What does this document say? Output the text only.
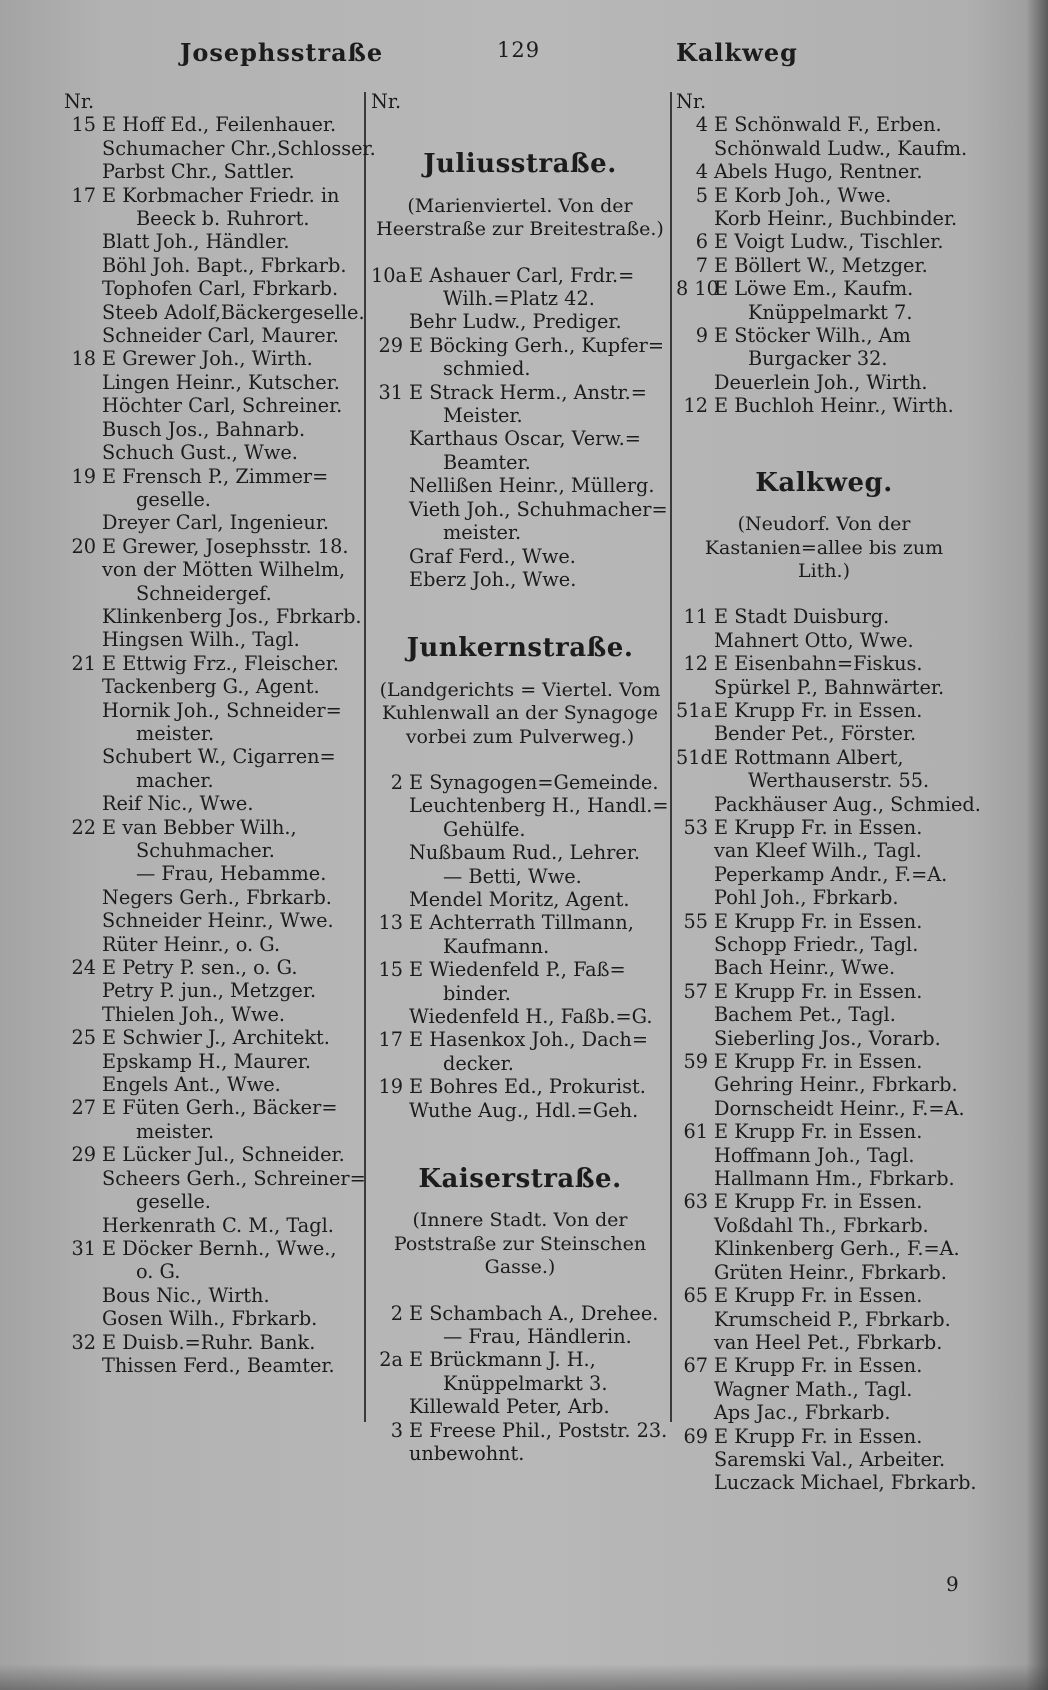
Josephsstraße	129	Kalkweg
Nr.
15 E Hoff Ed., Feilenhauer.
Schumacher Chr.,Schlosser.
Parbst Chr., Sattler.
17 E Korbmacher Friedr. in
Beeck b. Ruhrort.
Blatt Joh., Händler.
Böhl Joh. Bapt., Fbrkarb.
Tophofen Carl, Fbrkarb.
Steeb Adolf,Bäckergeselle.
Schneider Carl, Maurer.
18 E Grewer Joh., Wirth.
Lingen Heinr., Kutscher.
Höchter Carl, Schreiner.
Busch Jos., Bahnarb.
Schuch Gust., Wwe.
19 E Frensch P., Zimmer=
geselle.
Dreyer Carl, Ingenieur.
20 E Grewer, Josephsstr. 18.
von der Mötten Wilhelm,
Schneidergef.
Klinkenberg Jos., Fbrkarb.
Hingsen Wilh., Tagl.
21 E Ettwig Frz., Fleischer.
Tackenberg G., Agent.
Hornik Joh., Schneider=
meister.
Schubert W., Cigarren=
macher.
Reif Nic., Wwe.
22 E van Bebber Wilh.,
Schuhmacher.
— Frau, Hebamme.
Negers Gerh., Fbrkarb.
Schneider Heinr., Wwe.
Rüter Heinr., o. G.
24 E Petry P. sen., o. G.
Petry P. jun., Metzger.
Thielen Joh., Wwe.
25 E Schwier J., Architekt.
Epskamp H., Maurer.
Engels Ant., Wwe.
27 E Füten Gerh., Bäcker=
meister.
29 E Lücker Jul., Schneider.
Scheers Gerh., Schreiner=
geselle.
Herkenrath C. M., Tagl.
31 E Döcker Bernh., Wwe.,
o. G.
Bous Nic., Wirth.
Gosen Wilh., Fbrkarb.
32 E Duisb.=Ruhr. Bank.
Thissen Ferd., Beamter.
Nr.
Juliusstraße.
(Marienviertel. Von der Heerstraße zur Breitestraße.)
10a E Ashauer Carl, Frdr.=
Wilh.=Platz 42.
Behr Ludw., Prediger.
29 E Böcking Gerh., Kupfer=
schmied.
31 E Strack Herm., Anstr.=
Meister.
Karthaus Oscar, Verw.=
Beamter.
Nellißen Heinr., Müllerg.
Vieth Joh., Schuhmacher=
meister.
Graf Ferd., Wwe.
Eberz Joh., Wwe.
Junkernstraße.
(Landgerichts = Viertel. Vom Kuhlenwall an der Synagoge vorbei zum Pulverweg.)
2 E Synagogen=Gemeinde.
Leuchtenberg H., Handl.=
Gehülfe.
Nußbaum Rud., Lehrer.
— Betti, Wwe.
Mendel Moritz, Agent.
13 E Achterrath Tillmann,
Kaufmann.
15 E Wiedenfeld P., Faß=
binder.
Wiedenfeld H., Faßb.=G.
17 E Hasenkox Joh., Dach=
decker.
19 E Bohres Ed., Prokurist.
Wuthe Aug., Hdl.=Geh.
Kaiserstraße.
(Innere Stadt. Von der Poststraße zur Steinschen Gasse.)
2 E Schambach A., Drehee.
— Frau, Händlerin.
2a E Brückmann J. H.,
Knüppelmarkt 3.
Killewald Peter, Arb.
3 E Freese Phil., Poststr. 23.
unbewohnt.
Nr.
4 E Schönwald F., Erben.
Schönwald Ludw., Kaufm.
4 Abels Hugo, Rentner.
5 E Korb Joh., Wwe.
Korb Heinr., Buchbinder.
6 E Voigt Ludw., Tischler.
7 E Böllert W., Metzger.
8 10E Löwe Em., Kaufm.
Knüppelmarkt 7.
9 E Stöcker Wilh., Am
Burgacker 32.
Deuerlein Joh., Wirth.
12 E Buchloh Heinr., Wirth.
Kalkweg.
(Neudorf. Von der Kastanien=allee bis zum Lith.)
11 E Stadt Duisburg.
Mahnert Otto, Wwe.
12 E Eisenbahn=Fiskus.
Spürkel P., Bahnwärter.
51a E Krupp Fr. in Essen.
Bender Pet., Förster.
51dE Rottmann Albert,
Werthauserstr. 55.
Packhäuser Aug., Schmied.
53 E Krupp Fr. in Essen.
van Kleef Wilh., Tagl.
Peperkamp Andr., F.=A.
Pohl Joh., Fbrkarb.
55 E Krupp Fr. in Essen.
Schopp Friedr., Tagl.
Bach Heinr., Wwe.
57 E Krupp Fr. in Essen.
Bachem Pet., Tagl.
Sieberling Jos., Vorarb.
59 E Krupp Fr. in Essen.
Gehring Heinr., Fbrkarb.
Dornscheidt Heinr., F.=A.
61 E Krupp Fr. in Essen.
Hoffmann Joh., Tagl.
Hallmann Hm., Fbrkarb.
63 E Krupp Fr. in Essen.
Voßdahl Th., Fbrkarb.
Klinkenberg Gerh., F.=A.
Grüten Heinr., Fbrkarb.
65 E Krupp Fr. in Essen.
Krumscheid P., Fbrkarb.
van Heel Pet., Fbrkarb.
67 E Krupp Fr. in Essen.
Wagner Math., Tagl.
Aps Jac., Fbrkarb.
69 E Krupp Fr. in Essen.
Saremski Val., Arbeiter.
Luczack Michael, Fbrkarb.
9
